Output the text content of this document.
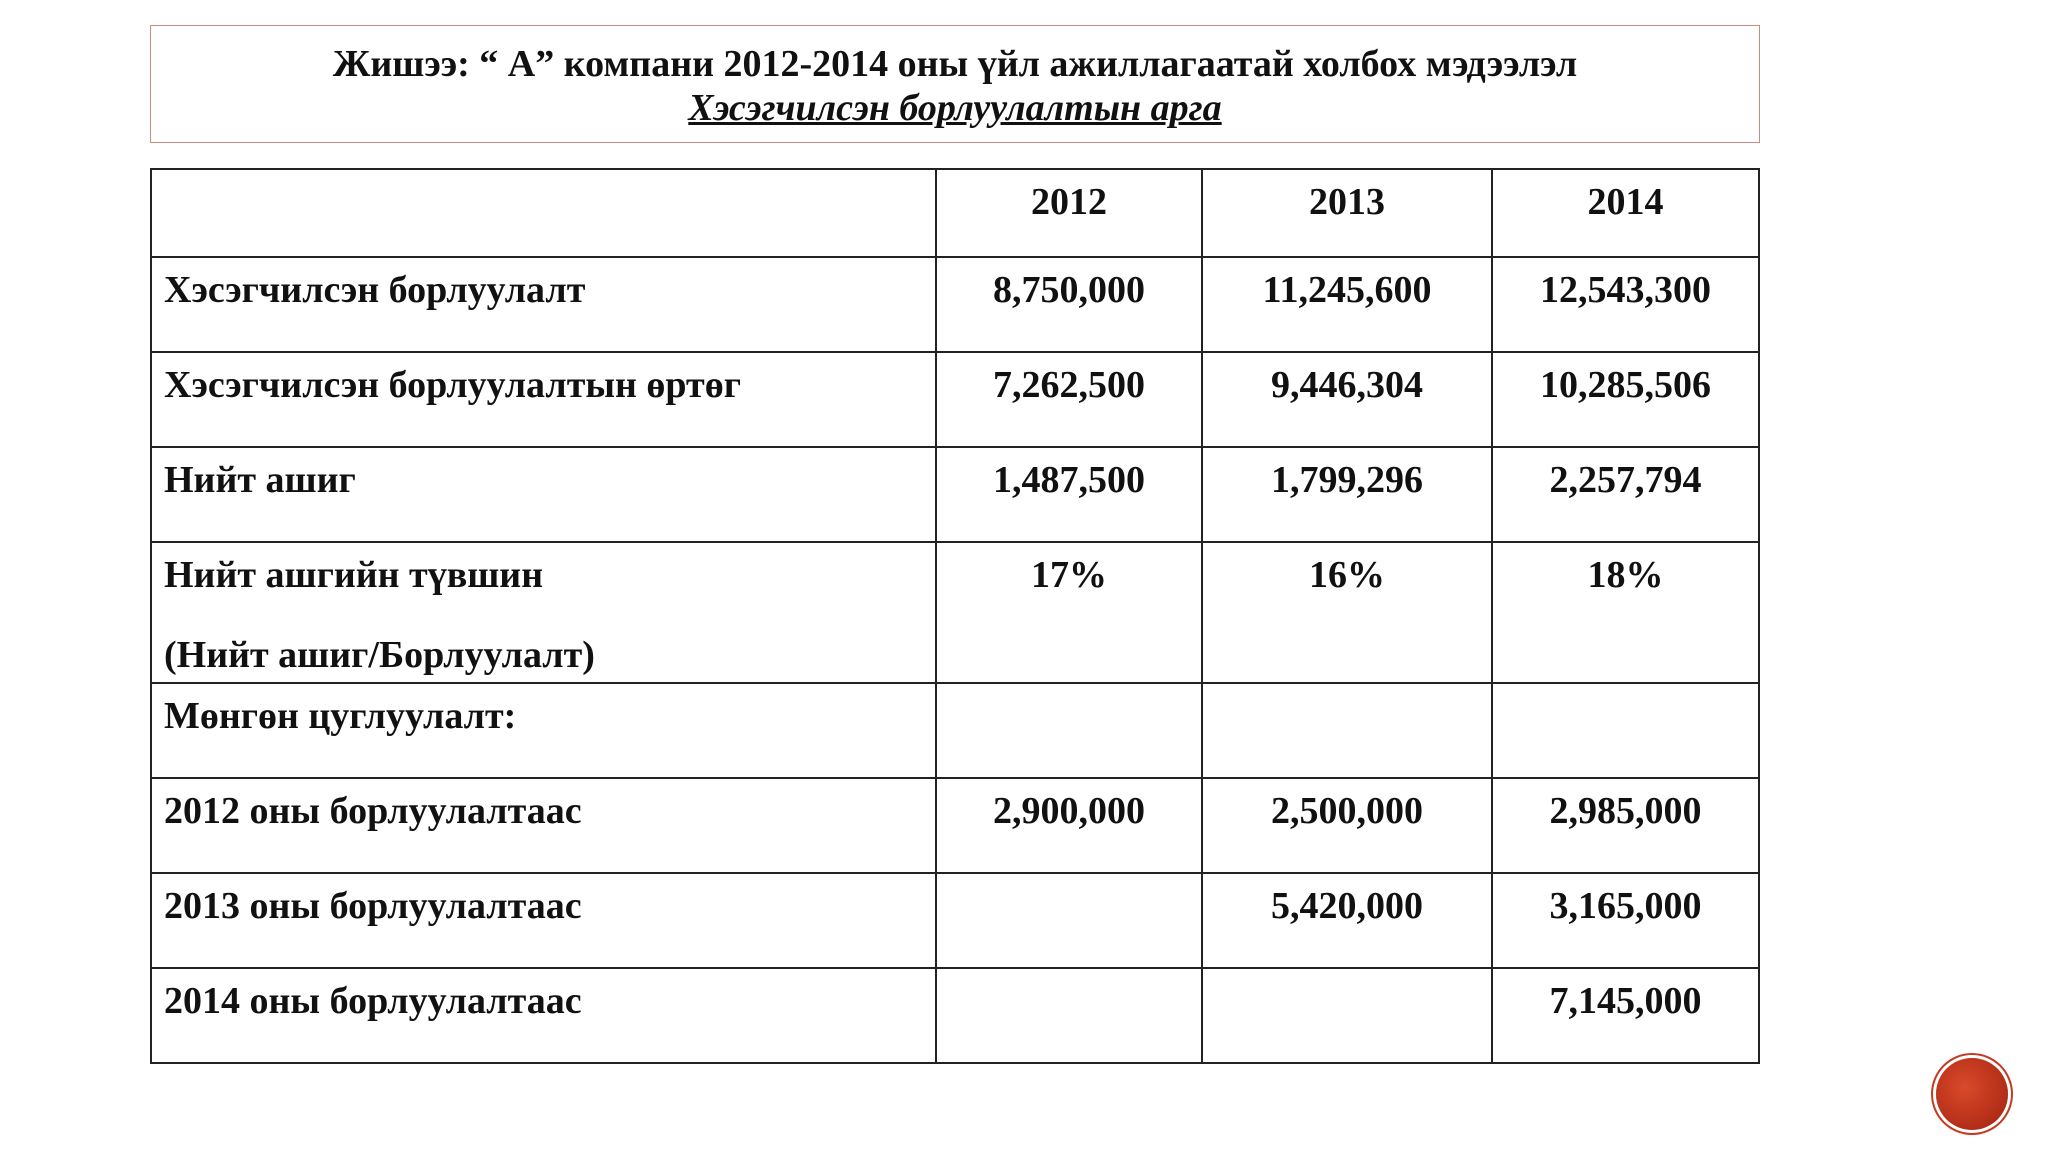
Жишээ: “ А” компани 2012-2014 оны үйл ажиллагаатай холбох мэдээлэл
Хэсэгчилсэн борлуулалтын арга
	2012	2013	2014
Хэсэгчилсэн борлуулалт	8,750,000	11,245,600	12,543,300
Хэсэгчилсэн борлуулалтын өртөг	7,262,500	9,446,304	10,285,506
Нийт ашиг	1,487,500	1,799,296	2,257,794
Нийт ашгийн түвшин
(Нийт ашиг/Борлуулалт)	17%	16%	18%
Мөнгөн цуглуулалт:			
2012 оны борлуулалтаас	2,900,000	2,500,000	2,985,000
2013 оны борлуулалтаас		5,420,000	3,165,000
2014 оны борлуулалтаас			7,145,000
